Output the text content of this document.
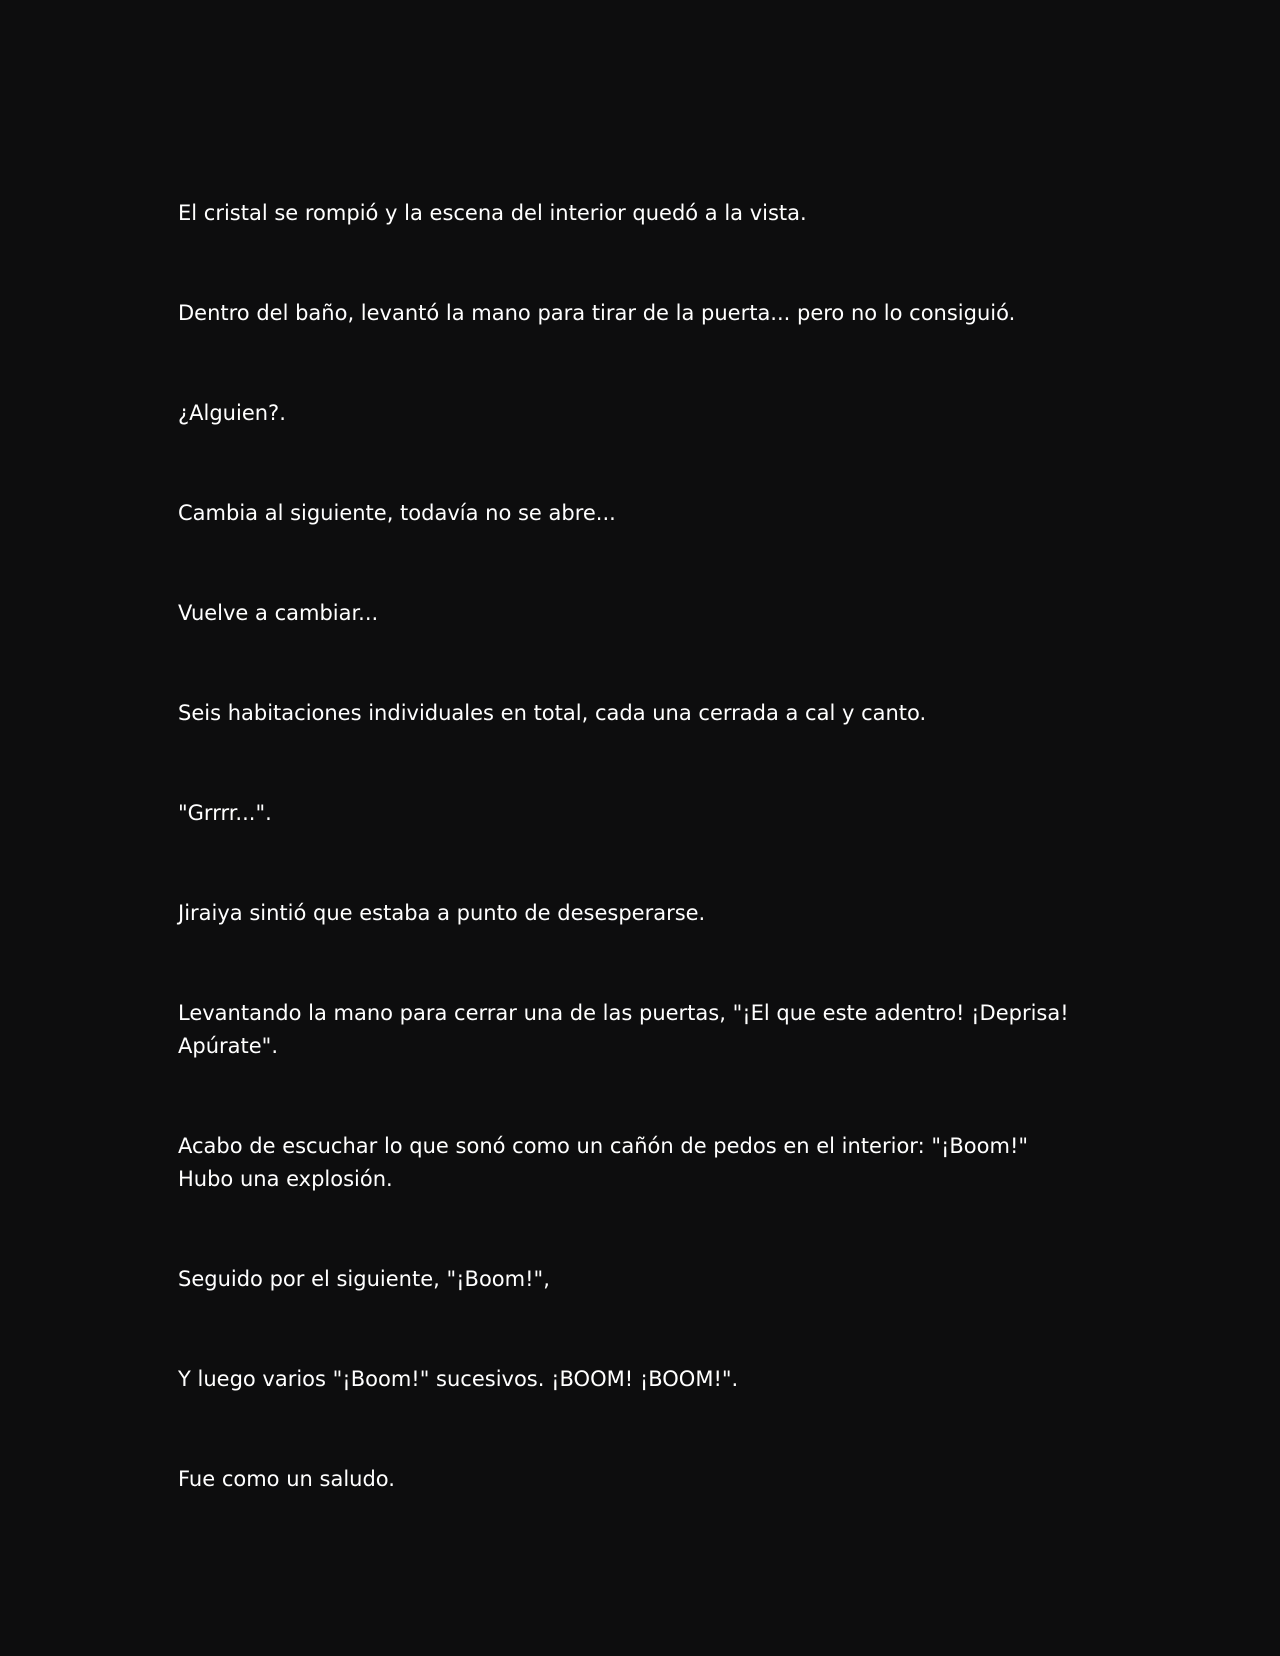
El cristal se rompió y la escena del interior quedó a la vista.

Dentro del baño, levantó la mano para tirar de la puerta... pero no lo consiguió.

¿Alguien?.

Cambia al siguiente, todavía no se abre...

Vuelve a cambiar...

Seis habitaciones individuales en total, cada una cerrada a cal y canto.

"Grrrr...".

Jiraiya sintió que estaba a punto de desesperarse.

Levantando la mano para cerrar una de las puertas, "¡El que este adentro! ¡Deprisa! Apúrate".

Acabo de escuchar lo que sonó como un cañón de pedos en el interior: "¡Boom!" Hubo una explosión.

Seguido por el siguiente, "¡Boom!",

Y luego varios "¡Boom!" sucesivos. ¡BOOM! ¡BOOM!".

Fue como un saludo.
